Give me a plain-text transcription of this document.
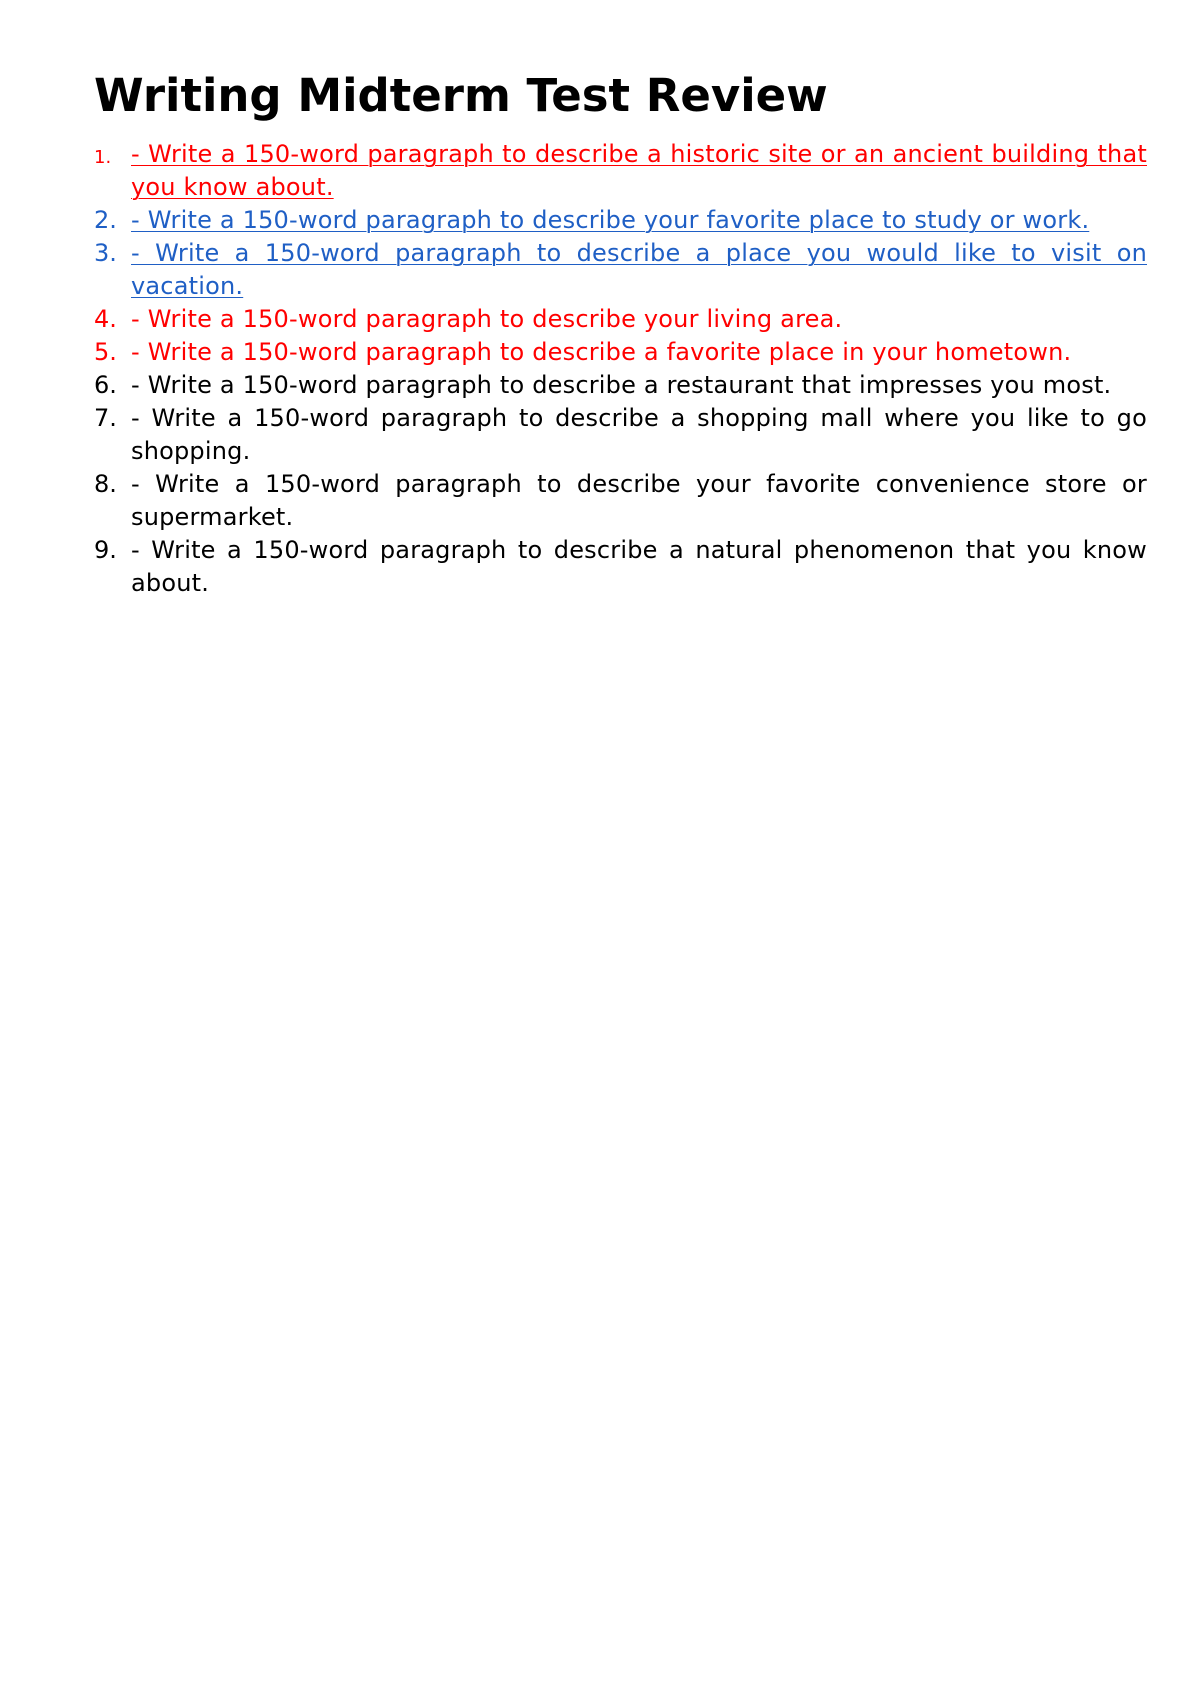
Writing Midterm Test Review
1. - Write a 150-word paragraph to describe a historic site or an ancient building that you know about.
2. - Write a 150-word paragraph to describe your favorite place to study or work.
3. - Write a 150-word paragraph to describe a place you would like to visit on vacation.
4. - Write a 150-word paragraph to describe your living area.
5. - Write a 150-word paragraph to describe a favorite place in your hometown.
6. - Write a 150-word paragraph to describe a restaurant that impresses you most.
7. - Write a 150-word paragraph to describe a shopping mall where you like to go shopping.
8. - Write a 150-word paragraph to describe your favorite convenience store or supermarket.
9. - Write a 150-word paragraph to describe a natural phenomenon that you know about.
